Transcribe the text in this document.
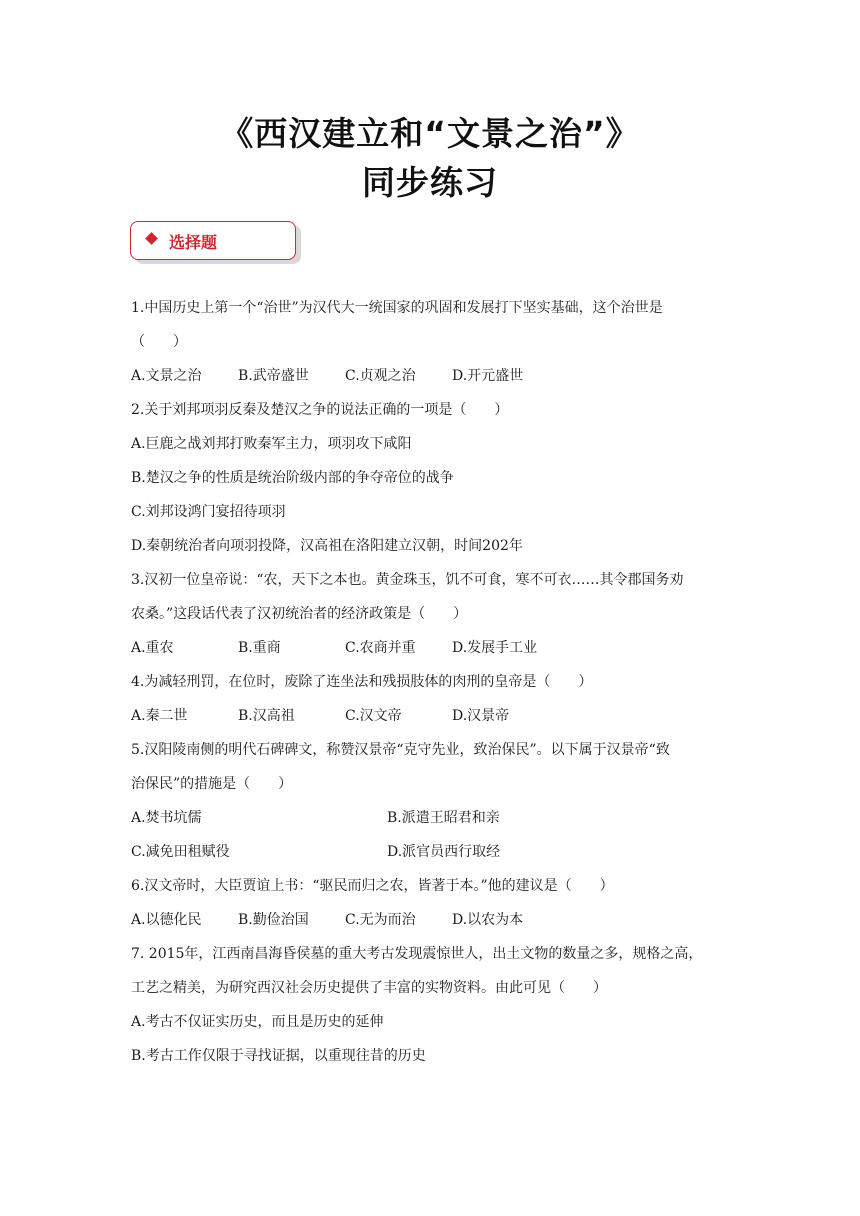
《西汉建立和“文景之治”》
同步练习
选择题
1.中国历史上第一个“治世”为汉代大一统国家的巩固和发展打下坚实基础，这个治世是
（　　）
A.文景之治	B.武帝盛世	C.贞观之治	D.开元盛世
2.关于刘邦项羽反秦及楚汉之争的说法正确的一项是（　　）
A.巨鹿之战刘邦打败秦军主力，项羽攻下咸阳
B.楚汉之争的性质是统治阶级内部的争夺帝位的战争
C.刘邦设鸿门宴招待项羽
D.秦朝统治者向项羽投降，汉高祖在洛阳建立汉朝，时间202年
3.汉初一位皇帝说：“农，天下之本也。黄金珠玉，饥不可食，寒不可衣……其令郡国务劝
农桑。”这段话代表了汉初统治者的经济政策是（　　）
A.重农	B.重商	C.农商并重	D.发展手工业
4.为减轻刑罚，在位时，废除了连坐法和残损肢体的肉刑的皇帝是（　　）
A.秦二世	B.汉高祖	C.汉文帝	D.汉景帝
5.汉阳陵南侧的明代石碑碑文，称赞汉景帝“克守先业，致治保民”。以下属于汉景帝“致
治保民”的措施是（　　）
A.焚书坑儒	B.派遣王昭君和亲
C.减免田租赋役	D.派官员西行取经
6.汉文帝时，大臣贾谊上书：“驱民而归之农，皆著于本。”他的建议是（　　）
A.以德化民	B.勤俭治国	C.无为而治	D.以农为本
7. 2015年，江西南昌海昏侯墓的重大考古发现震惊世人，出土文物的数量之多，规格之高，
工艺之精美，为研究西汉社会历史提供了丰富的实物资料。由此可见（　　）
A.考古不仅证实历史，而且是历史的延伸
B.考古工作仅限于寻找证据，以重现往昔的历史
